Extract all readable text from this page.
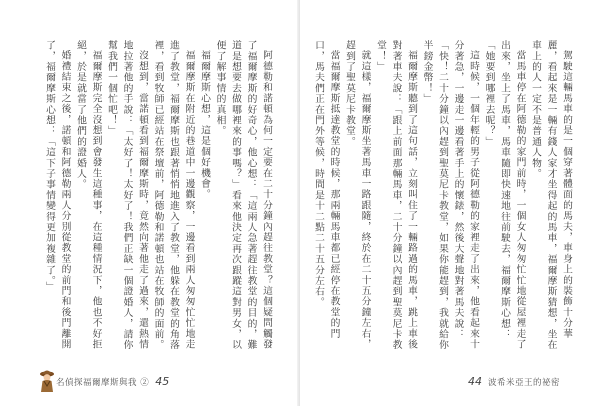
阿德勒和諾頓為何一定要在二十分鐘內趕往教堂？這個疑問觸發了福爾摩斯的好奇心，他心想：「這兩人急著趕往教堂的目的，難道是想要去做哪裡來的事嗎？」看來他決定再次跟蹤這對男女，以便了解事情的真相。

福爾摩斯心想，這是個好機會。

福爾摩斯在附近的巷道中一邊觀察，一邊看到兩人匆匆忙忙地走進了教堂，福爾摩斯也跟著悄悄地進入了教堂，他躲在教堂的角落裡，看到牧師已經站在祭壇前，阿德勒和諾頓也站在牧師的面前。

沒想到，當諾頓看到福爾摩斯時，竟然向著他走了過來，還熱情地拉著他的手說：「太好了！太好了！我們正缺一個證婚人，請你幫我們一個忙吧！」

福爾摩斯完全沒想到會發生這種事，在這種情況下，他也不好拒絕，於是就當了他們的證婚人。

婚禮結束之後，諾頓和阿德勒兩人分別從教堂的前門和後門離開了，福爾摩斯心想：「這下子事情變得更加複雜了。」

名偵探福爾摩斯與我 ② 45

駕駛這輛馬車的是一個穿著體面的馬夫，車身上的裝飾十分華麗，看起來是一輛有錢人家才坐得起的馬車，福爾摩斯猜想，坐在車上的人一定不是普通人物。

當馬車停在阿德勒的家門前時，一個女人匆匆忙忙地從屋裡走了出來，坐上了馬車，馬車隨即快速地往前駛去，福爾摩斯心想：「她要到哪裡去呢？」

這時候，一個年輕的男子從阿德勒的家裡走了出來，他看起來十分著急，一邊走一邊看著手上的懷錶，然後大聲地對著馬夫說：「快！二十分鐘以內趕到聖莫尼卡教堂，如果你能趕到，我就給你半鎊金幣！」

福爾摩斯聽到了這句話，立刻叫住了一輛路過的馬車，跳上車後對著車夫說：「跟上前面那輛馬車，二十分鐘以內趕到聖莫尼卡教堂！」

就這樣，福爾摩斯坐著馬車一路跟隨，終於在二十五分鐘左右，趕到了聖莫尼卡教堂。

當福爾摩斯抵達教堂的時候，那兩輛馬車都已經停在教堂的門口，馬夫們正在門外等候，時間是十二點二十五分左右。

44 波希米亞王的祕密
